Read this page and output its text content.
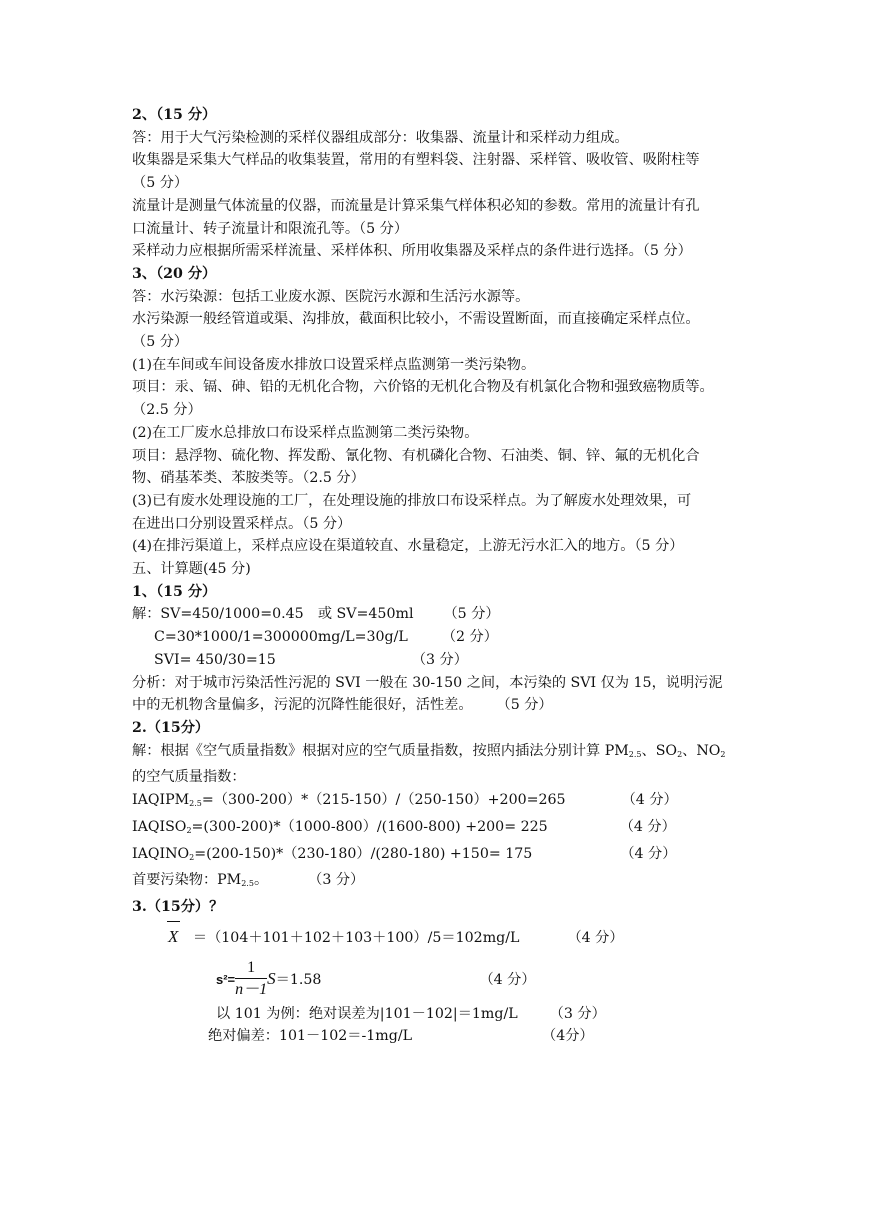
2、（15 分）
答：用于大气污染检测的采样仪器组成部分：收集器、流量计和采样动力组成。
收集器是采集大气样品的收集装置，常用的有塑料袋、注射器、采样管、吸收管、吸附柱等
（5 分）
流量计是测量气体流量的仪器，而流量是计算采集气样体积必知的参数。常用的流量计有孔
口流量计、转子流量计和限流孔等。（5 分）
采样动力应根据所需采样流量、采样体积、所用收集器及采样点的条件进行选择。（5 分）
3、（20 分）
答：水污染源：包括工业废水源、医院污水源和生活污水源等。
水污染源一般经管道或渠、沟排放，截面积比较小，不需设置断面，而直接确定采样点位。
（5 分）
(1)在车间或车间设备废水排放口设置采样点监测第一类污染物。
项目：汞、镉、砷、铅的无机化合物，六价铬的无机化合物及有机氯化合物和强致癌物质等。
（2.5 分）
(2)在工厂废水总排放口布设采样点监测第二类污染物。
项目：悬浮物、硫化物、挥发酚、氰化物、有机磷化合物、石油类、铜、锌、氟的无机化合
物、硝基苯类、苯胺类等。（2.5 分）
(3)已有废水处理设施的工厂，在处理设施的排放口布设采样点。为了解废水处理效果，可
在进出口分别设置采样点。（5 分）
(4)在排污渠道上，采样点应设在渠道较直、水量稳定，上游无污水汇入的地方。（5 分）
五、计算题(45 分)
1、（15 分）
解：SV=450/1000=0.45　或 SV=450ml （5 分）
C=30*1000/1=300000mg/L=30g/L （2 分）
SVI= 450/30=15	（3 分）
分析：对于城市污染活性污泥的 SVI 一般在 30-150 之间，本污染的 SVI 仅为 15，说明污泥
中的无机物含量偏多，污泥的沉降性能很好，活性差。 （5 分）
2.（15分）
解：根据《空气质量指数》根据对应的空气质量指数，按照内插法分别计算 $PM_{2.5}$、$SO_2$、$NO_2$
的空气质量指数：
$IAQIPM_{2.5}=(300-200)*(215-150)/(250-150)+200=265$	（4 分）
$IAQISO_2=(300-200)*(1000-800)/(1600-800) +200= 225$	（4 分）
$IAQINO_2=(200-150)*(230-180)/(280-180) +150= 175$	（4 分）
首要污染物：$PM_{2.5}$。	（3 分）
3.（15分）？
X ＝（104＋101＋102＋103＋100）/5＝102mg/L	（4 分）
$s^2= \frac{1}{n-1} S=1.58$	（4 分）
以 101 为例：绝对误差为|101－102|＝1mg/L （3 分）
绝对偏差：101－102＝-1mg/L	（4分）
